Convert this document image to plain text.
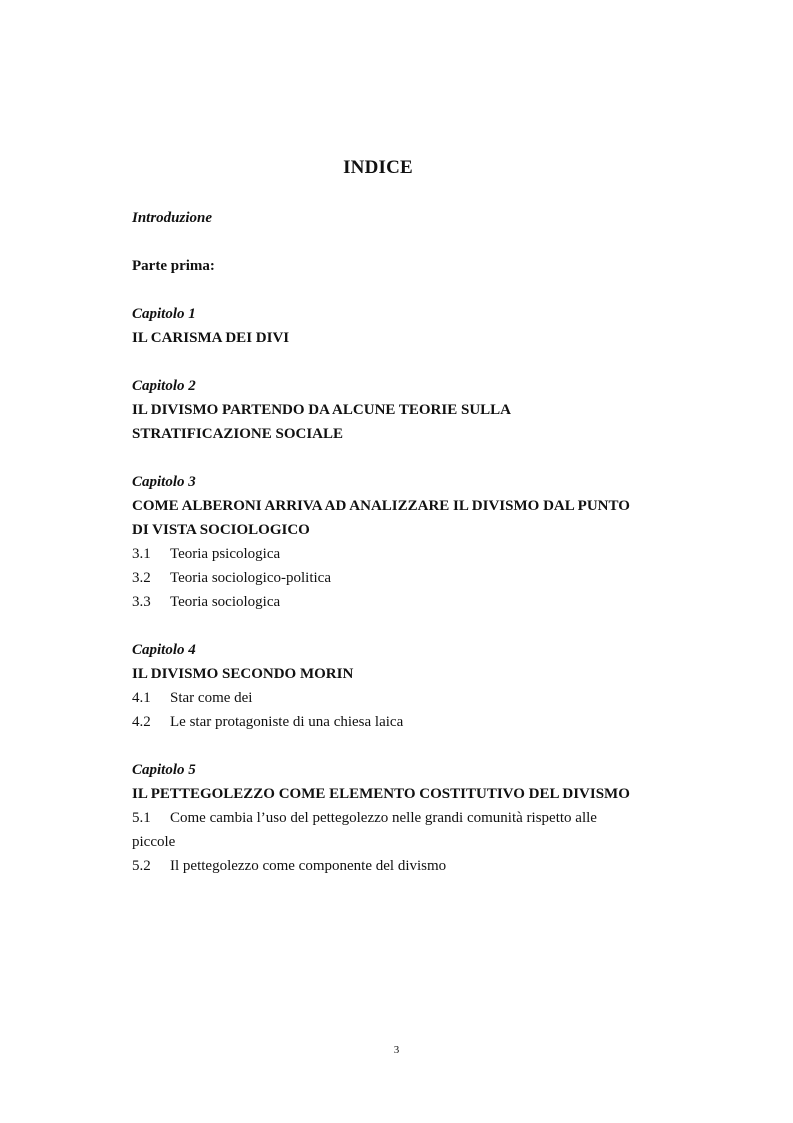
INDICE
Introduzione
Parte prima:
Capitolo 1
IL CARISMA DEI DIVI
Capitolo 2
IL DIVISMO PARTENDO DA ALCUNE TEORIE SULLA STRATIFICAZIONE SOCIALE
Capitolo 3
COME ALBERONI ARRIVA AD ANALIZZARE IL DIVISMO DAL PUNTO DI VISTA SOCIOLOGICO
3.1	Teoria psicologica
3.2	Teoria sociologico-politica
3.3	Teoria sociologica
Capitolo 4
IL DIVISMO SECONDO MORIN
4.1	Star come dei
4.2	Le star protagoniste di una chiesa laica
Capitolo 5
IL PETTEGOLEZZO COME ELEMENTO COSTITUTIVO DEL DIVISMO
5.1 Come cambia l’uso del pettegolezzo nelle grandi comunità rispetto alle piccole
5.2	Il pettegolezzo come componente del divismo
3
